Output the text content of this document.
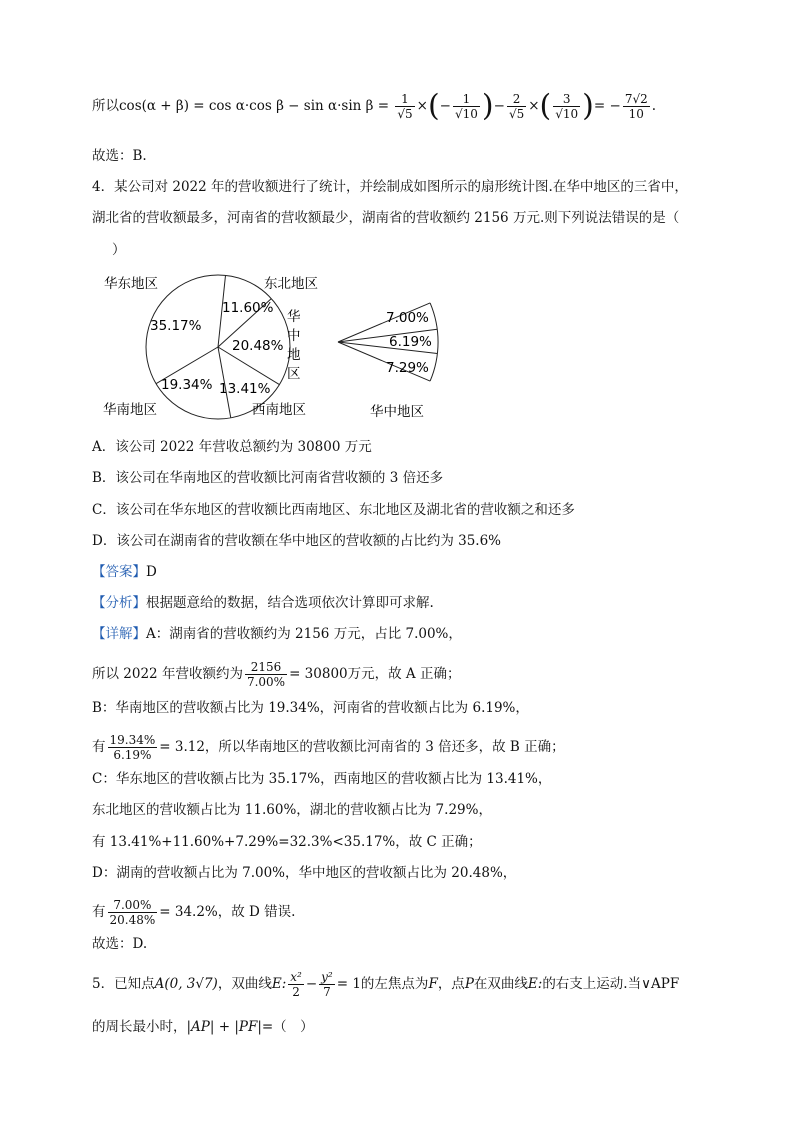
所以cos(α + β) = cos α·cos β − sin α·sin $\beta = \frac{1}{√5}$ ×(− $\frac{1}{√10}$ )− $\frac{2}{√5}$ ×( $\frac{3}{√10}$ )= − $\frac{7√2}{10}$ .
故选：B.
4．某公司对 2022 年的营收额进行了统计，并绘制成如图所示的扇形统计图.在华中地区的三省中，
湖北省的营收额最多，河南省的营收额最少，湖南省的营收额约 2156 万元.则下列说法错误的是（
）
华东地区	东北地区
华南地区	西南地区
华
中
地
区
35.17%
11.60%
20.48%
13.41%
19.34%
7.00%
6.19%
7.29%
华中地区
A．该公司 2022 年营收总额约为 30800 万元
B．该公司在华南地区的营收额比河南省营收额的 3 倍还多
C．该公司在华东地区的营收额比西南地区、东北地区及湖北省的营收额之和还多
D．该公司在湖南省的营收额在华中地区的营收额的占比约为 35.6%
【答案】D
【分析】根据题意给的数据，结合选项依次计算即可求解.
【详解】A：湖南省的营收额约为 2156 万元，占比 7.00%，
所以 2022 年营收额约为 $\frac{2156}{7.00\%} = 30800$万元，故 A 正确；
B：华南地区的营收额占比为 19.34%，河南省的营收额占比为 6.19%，
有 $\frac{19.34\%}{6.19\%} = 3.12$，所以华南地区的营收额比河南省的 3 倍还多，故 B 正确；
C：华东地区的营收额占比为 35.17%，西南地区的营收额占比为 13.41%，
东北地区的营收额占比为 11.60%，湖北的营收额占比为 7.29%，
有 13.41%+11.60%+7.29%=32.3%<35.17%，故 C 正确；
D：湖南的营收额占比为 7.00%，华中地区的营收额占比为 20.48%，
有 $\frac{7.00\%}{20.48\%} = 34.2\%$，故 D 错误.
故选：D.
5．已知点A(0, 3√7)，双曲线E: $\frac{\text{x²}}{2} - \frac{\text{y²}}{7} = 1$的左焦点为F，点P在双曲线E:的右支上运动.当∨APF
的周长最小时，|AP| + |PF|=（　）
